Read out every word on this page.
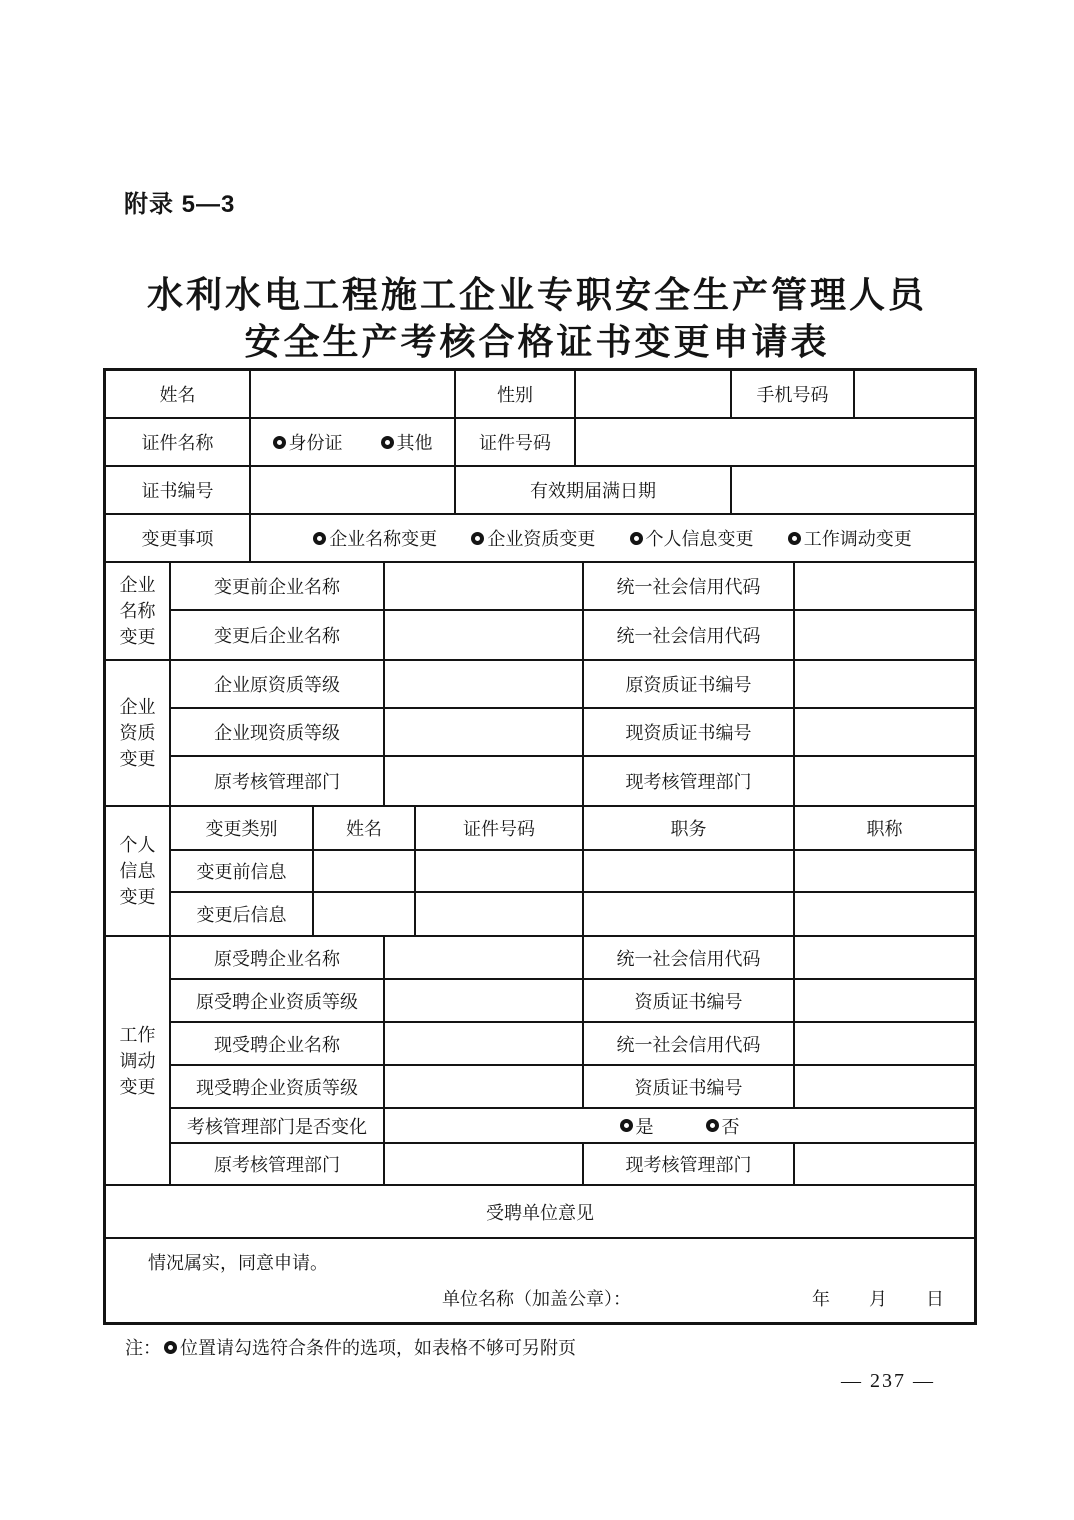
附录 5—3
水利水电工程施工企业专职安全生产管理人员
安全生产考核合格证书变更申请表
姓名	性别	手机号码
证件名称	身份证	其他	证件号码
证书编号	有效期届满日期
变更事项	企业名称变更	企业资质变更	个人信息变更	工作调动变更
企业名称变更
变更前企业名称	统一社会信用代码
变更后企业名称	统一社会信用代码
企业资质变更
企业原资质等级	原资质证书编号
企业现资质等级	现资质证书编号
原考核管理部门	现考核管理部门
个人信息变更
变更类别	姓名	证件号码	职务	职称
变更前信息
变更后信息
工作调动变更
原受聘企业名称	统一社会信用代码
原受聘企业资质等级	资质证书编号
现受聘企业名称	统一社会信用代码
现受聘企业资质等级	资质证书编号
考核管理部门是否变化	是	否
原考核管理部门	现考核管理部门
受聘单位意见
情况属实，同意申请。
单位名称（加盖公章）：	年 月 日
注： 位置请勾选符合条件的选项，如表格不够可另附页
— 237 —
